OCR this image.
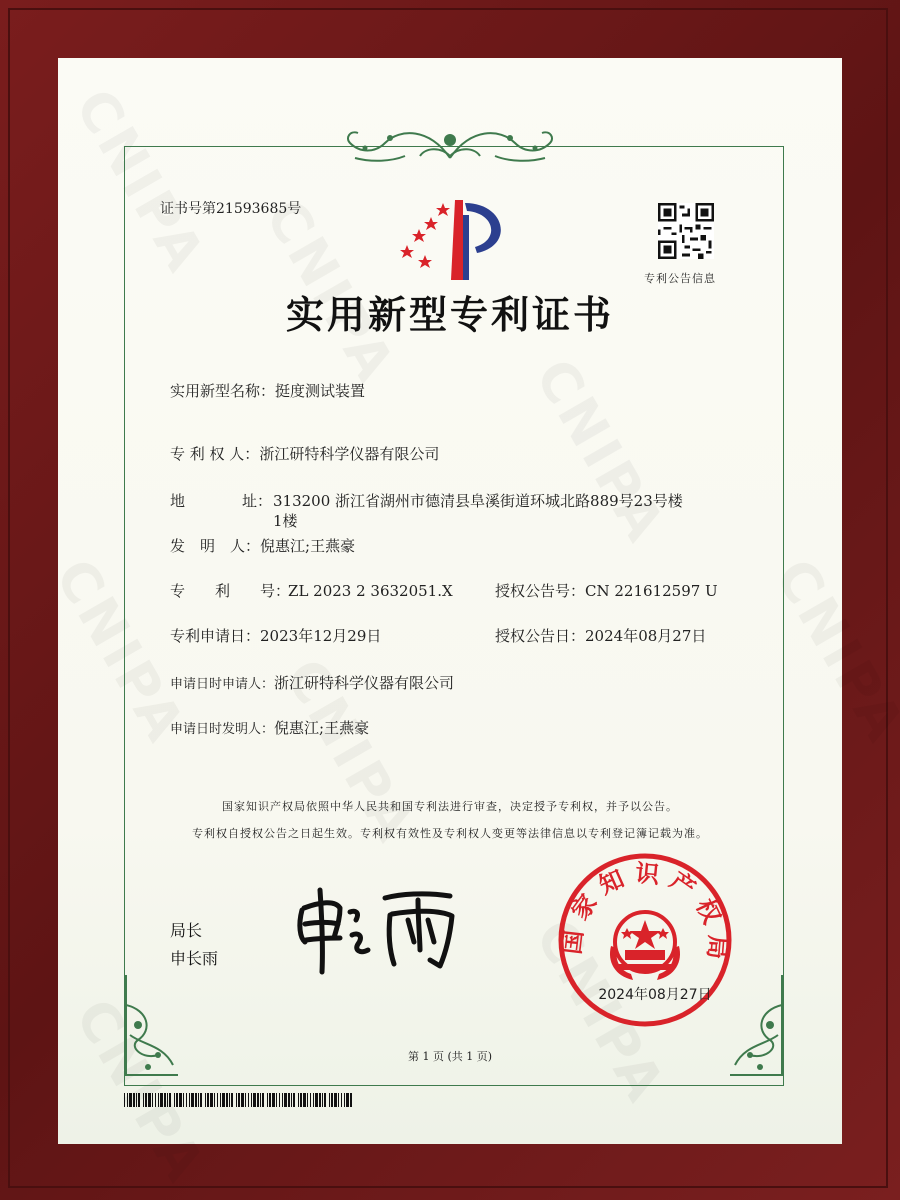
证书号第21593685号
专利公告信息
实用新型专利证书
实用新型名称：挺度测试装置
专 利 权 人：浙江研特科学仪器有限公司
地	址： 313200 浙江省湖州市德清县阜溪街道环城北路889号23号楼
1楼
发　明　人：倪惠江;王燕豪
专　　利　　号：ZL 2023 2 3632051.X	授权公告号：CN 221612597 U
专利申请日：2023年12月29日	授权公告日：2024年08月27日
申请日时申请人：浙江研特科学仪器有限公司
申请日时发明人：倪惠江;王燕豪
国家知识产权局依照中华人民共和国专利法进行审查，决定授予专利权，并予以公告。
专利权自授权公告之日起生效。专利权有效性及专利权人变更等法律信息以专利登记簿记载为准。
局长
申长雨
国家知识产权局
2024年08月27日
第 1 页 (共 1 页)
